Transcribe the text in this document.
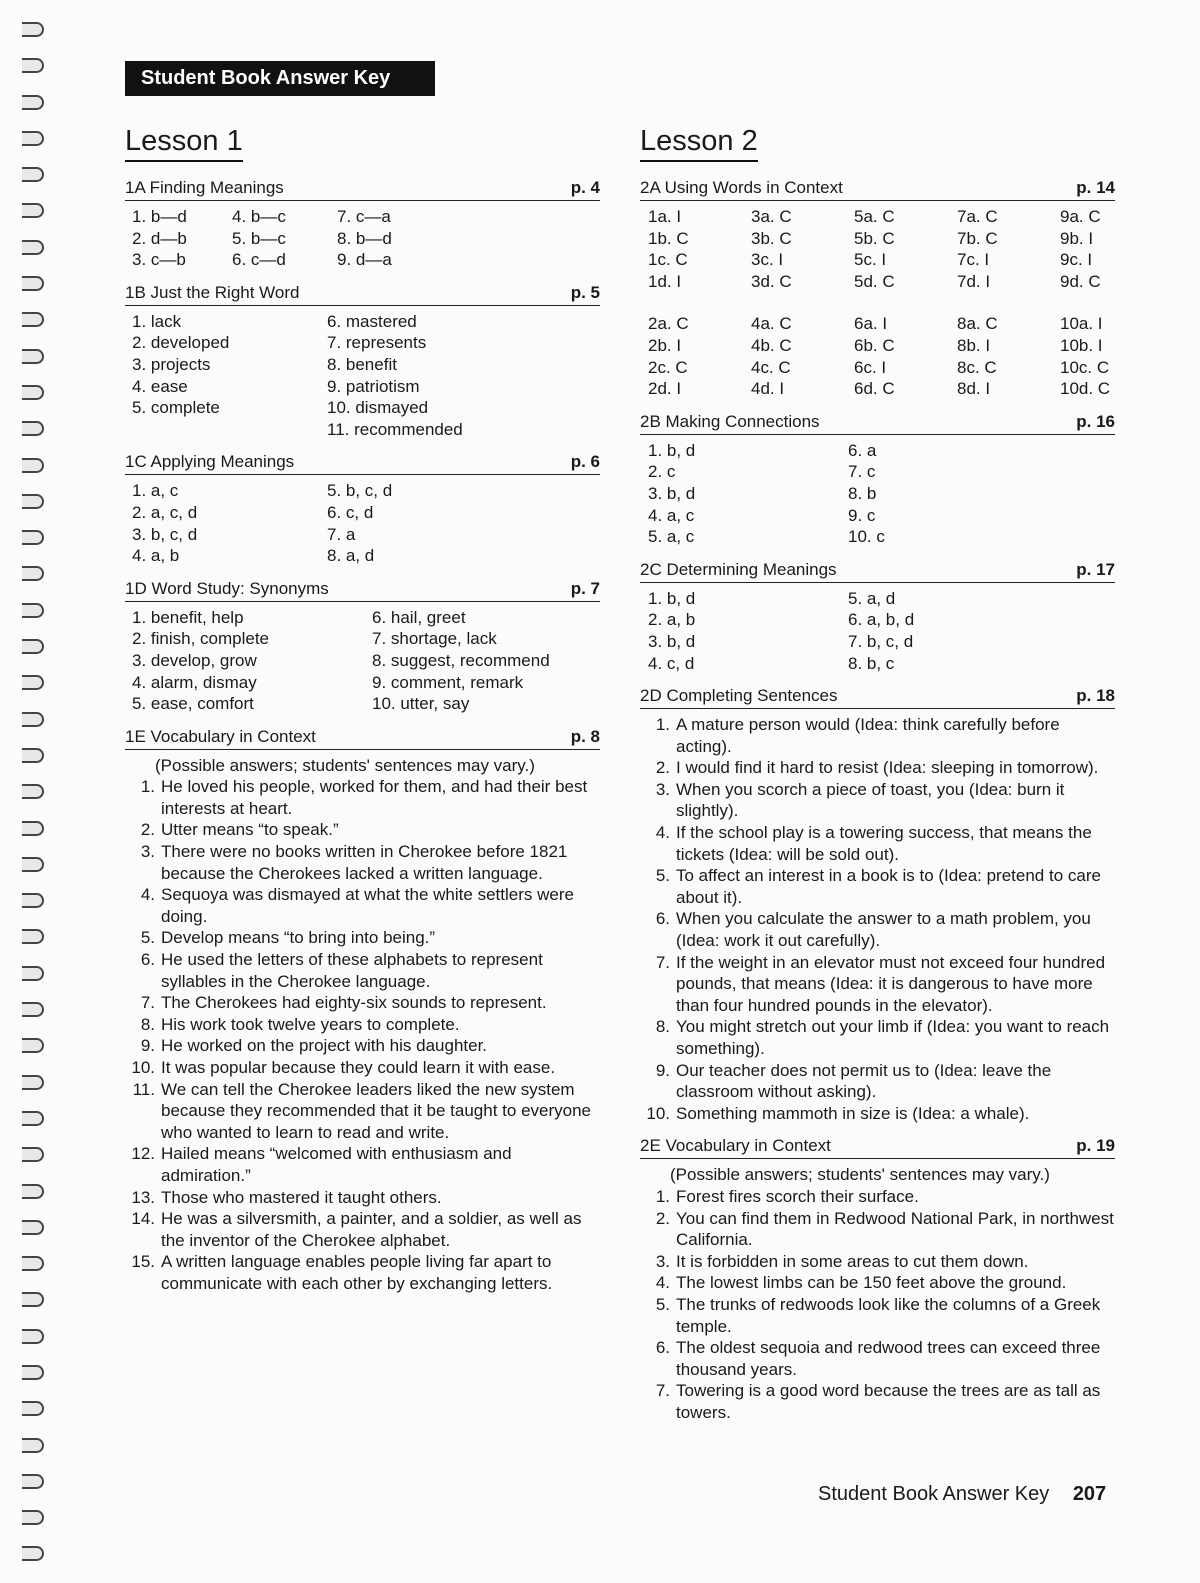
Student Book Answer Key
Lesson 1
1A Finding Meanings	p. 4
1. b—d	4. b—c	7. c—a
2. d—b	5. b—c	8. b—d
3. c—b	6. c—d	9. d—a
1B Just the Right Word	p. 5
1. lack	6. mastered
2. developed	7. represents
3. projects	8. benefit
4. ease	9. patriotism
5. complete	10. dismayed
11. recommended
1C Applying Meanings	p. 6
1. a, c	5. b, c, d
2. a, c, d	6. c, d
3. b, c, d	7. a
4. a, b	8. a, d
1D Word Study: Synonyms	p. 7
1. benefit, help	6. hail, greet
2. finish, complete	7. shortage, lack
3. develop, grow	8. suggest, recommend
4. alarm, dismay	9. comment, remark
5. ease, comfort	10. utter, say
1E Vocabulary in Context	p. 8
(Possible answers; students' sentences may vary.)
1. He loved his people, worked for them, and had their best interests at heart.
2. Utter means “to speak.”
3. There were no books written in Cherokee before 1821 because the Cherokees lacked a written language.
4. Sequoya was dismayed at what the white settlers were doing.
5. Develop means “to bring into being.”
6. He used the letters of these alphabets to represent syllables in the Cherokee language.
7. The Cherokees had eighty-six sounds to represent.
8. His work took twelve years to complete.
9. He worked on the project with his daughter.
10. It was popular because they could learn it with ease.
11. We can tell the Cherokee leaders liked the new system because they recommended that it be taught to everyone who wanted to learn to read and write.
12. Hailed means “welcomed with enthusiasm and admiration.”
13. Those who mastered it taught others.
14. He was a silversmith, a painter, and a soldier, as well as the inventor of the Cherokee alphabet.
15. A written language enables people living far apart to communicate with each other by exchanging letters.
Lesson 2
2A Using Words in Context	p. 14
1a. I	3a. C	5a. C	7a. C	9a. C
1b. C	3b. C	5b. C	7b. C	9b. I
1c. C	3c. I	5c. I	7c. I	9c. I
1d. I	3d. C	5d. C	7d. I	9d. C
2a. C	4a. C	6a. I	8a. C	10a. I
2b. I	4b. C	6b. C	8b. I	10b. I
2c. C	4c. C	6c. I	8c. C	10c. C
2d. I	4d. I	6d. C	8d. I	10d. C
2B Making Connections	p. 16
1. b, d	6. a
2. c	7. c
3. b, d	8. b
4. a, c	9. c
5. a, c	10. c
2C Determining Meanings	p. 17
1. b, d	5. a, d
2. a, b	6. a, b, d
3. b, d	7. b, c, d
4. c, d	8. b, c
2D Completing Sentences	p. 18
1. A mature person would (Idea: think carefully before acting).
2. I would find it hard to resist (Idea: sleeping in tomorrow).
3. When you scorch a piece of toast, you (Idea: burn it slightly).
4. If the school play is a towering success, that means the tickets (Idea: will be sold out).
5. To affect an interest in a book is to (Idea: pretend to care about it).
6. When you calculate the answer to a math problem, you (Idea: work it out carefully).
7. If the weight in an elevator must not exceed four hundred pounds, that means (Idea: it is dangerous to have more than four hundred pounds in the elevator).
8. You might stretch out your limb if (Idea: you want to reach something).
9. Our teacher does not permit us to (Idea: leave the classroom without asking).
10. Something mammoth in size is (Idea: a whale).
2E Vocabulary in Context	p. 19
(Possible answers; students' sentences may vary.)
1. Forest fires scorch their surface.
2. You can find them in Redwood National Park, in northwest California.
3. It is forbidden in some areas to cut them down.
4. The lowest limbs can be 150 feet above the ground.
5. The trunks of redwoods look like the columns of a Greek temple.
6. The oldest sequoia and redwood trees can exceed three thousand years.
7. Towering is a good word because the trees are as tall as towers.
Student Book Answer Key 207
